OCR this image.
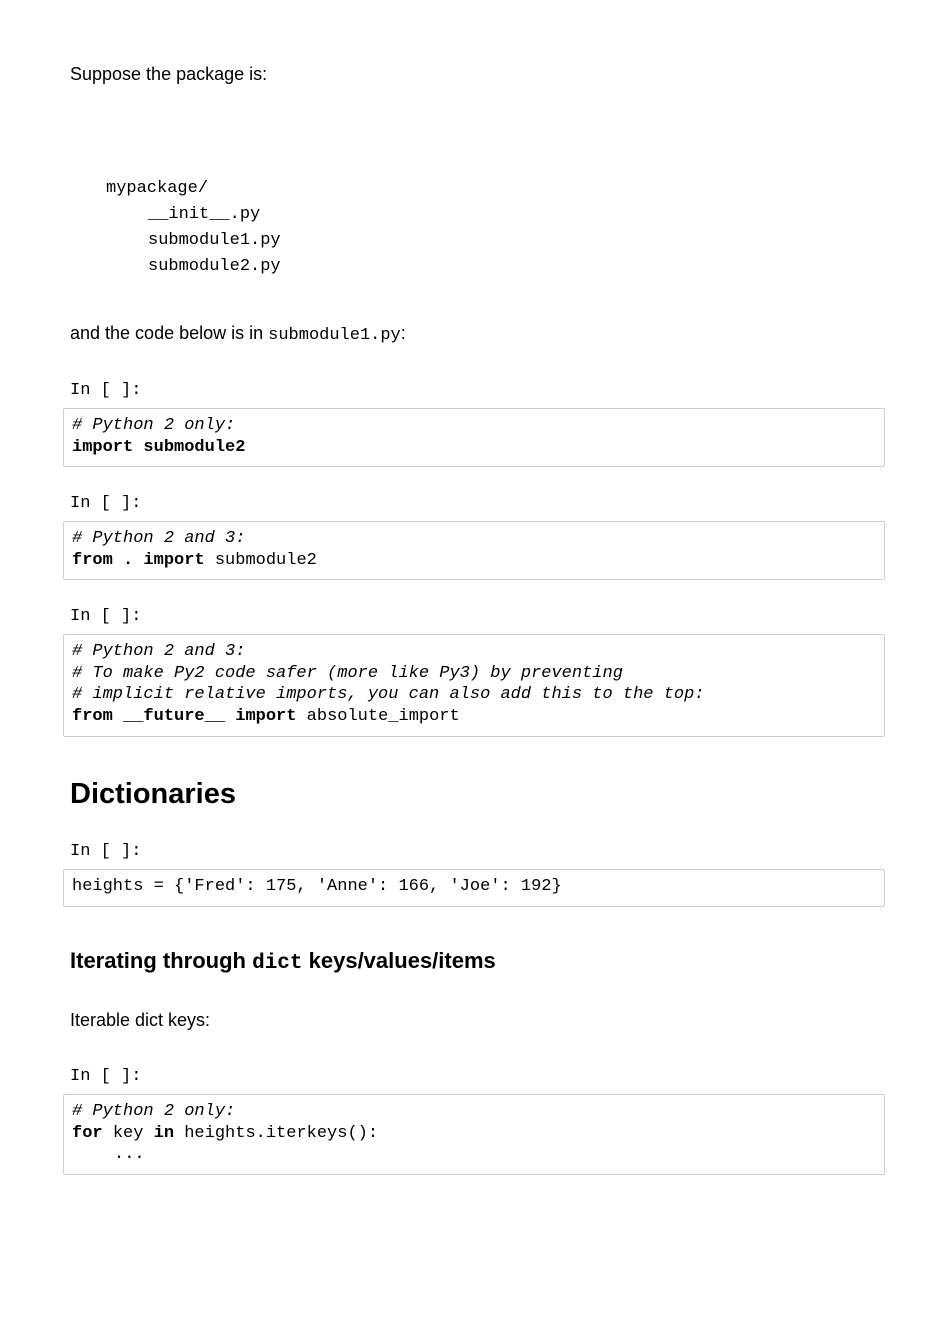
Suppose the package is:

mypackage/
__init__.py
submodule1.py
submodule2.py

and the code below is in submodule1.py:

In [ ]:
# Python 2 only:
import submodule2
In [ ]:
# Python 2 and 3:
from . import submodule2
In [ ]:
# Python 2 and 3:
# To make Py2 code safer (more like Py3) by preventing
# implicit relative imports, you can also add this to the top:
from __future__ import absolute_import
Dictionaries
In [ ]:
heights = {'Fred': 175, 'Anne': 166, 'Joe': 192}
Iterating through dict keys/values/items

Iterable dict keys:

In [ ]:
# Python 2 only:
for key in heights.iterkeys():
...
